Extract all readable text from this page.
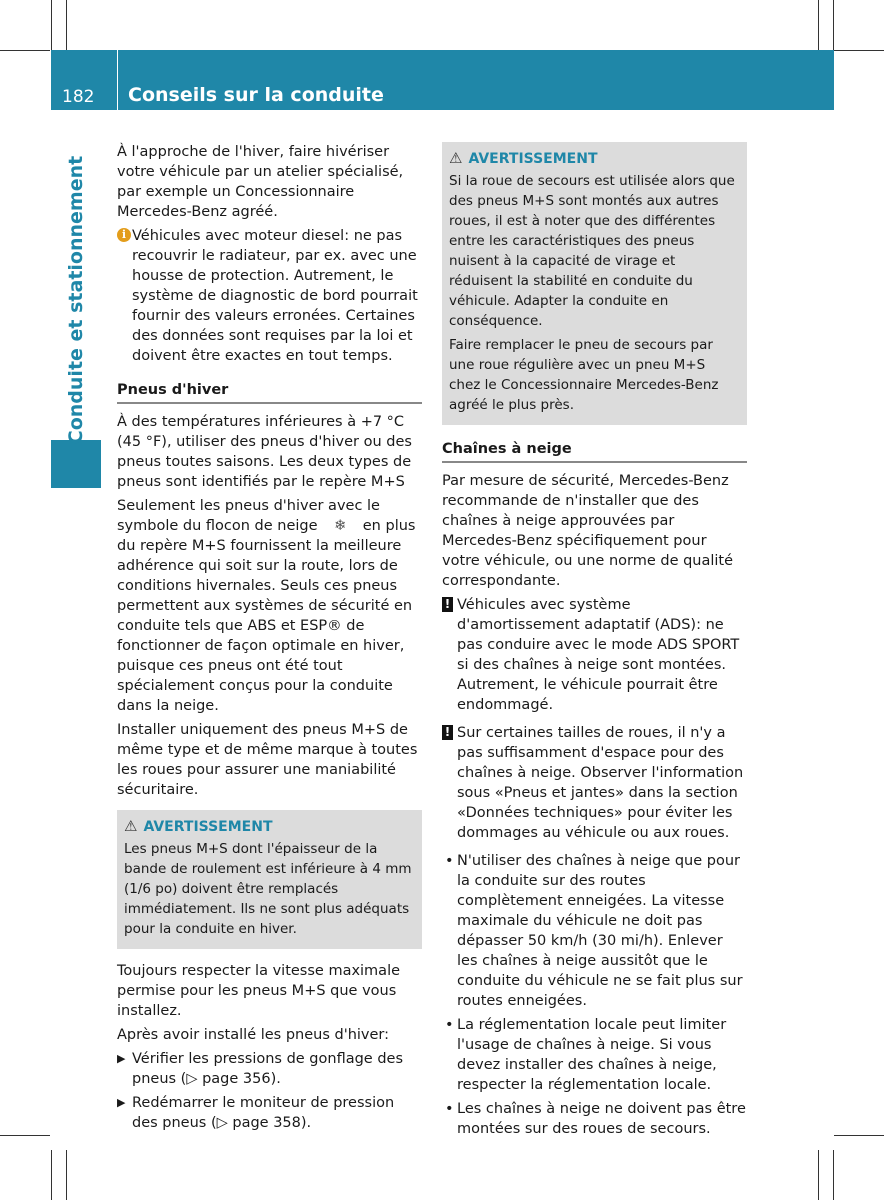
182 Conseils sur la conduite
Conduite et stationnement

À l'approche de l'hiver, faire hivériser votre véhicule par un atelier spécialisé, par exemple un Concessionnaire Mercedes-Benz agréé.

i Véhicules avec moteur diesel: ne pas recouvrir le radiateur, par ex. avec une housse de protection. Autrement, le système de diagnostic de bord pourrait fournir des valeurs erronées. Certaines des données sont requises par la loi et doivent être exactes en tout temps.
Pneus d'hiver

À des températures inférieures à +7 °C (45 °F), utiliser des pneus d'hiver ou des pneus toutes saisons. Les deux types de pneus sont identifiés par le repère M+S

Seulement les pneus d'hiver avec le symbole du flocon de neige ❄ en plus du repère M+S fournissent la meilleure adhérence qui soit sur la route, lors de conditions hivernales. Seuls ces pneus permettent aux systèmes de sécurité en conduite tels que ABS et ESP® de fonctionner de façon optimale en hiver, puisque ces pneus ont été tout spécialement conçus pour la conduite dans la neige.

Installer uniquement des pneus M+S de même type et de même marque à toutes les roues pour assurer une maniabilité sécuritaire.

⚠ AVERTISSEMENT

Les pneus M+S dont l'épaisseur de la bande de roulement est inférieure à 4 mm (1/6 po) doivent être remplacés immédiatement. Ils ne sont plus adéquats pour la conduite en hiver.

Toujours respecter la vitesse maximale permise pour les pneus M+S que vous installez.

Après avoir installé les pneus d'hiver:

▶ Vérifier les pressions de gonflage des pneus (▷ page 356).
▶ Redémarrer le moniteur de pression des pneus (▷ page 358).
⚠ AVERTISSEMENT

Si la roue de secours est utilisée alors que des pneus M+S sont montés aux autres roues, il est à noter que des différentes entre les caractéristiques des pneus nuisent à la capacité de virage et réduisent la stabilité en conduite du véhicule. Adapter la conduite en conséquence.

Faire remplacer le pneu de secours par une roue régulière avec un pneu M+S chez le Concessionnaire Mercedes-Benz agréé le plus près.

Chaînes à neige

Par mesure de sécurité, Mercedes-Benz recommande de n'installer que des chaînes à neige approuvées par Mercedes-Benz spécifiquement pour votre véhicule, ou une norme de qualité correspondante.

! Véhicules avec système d'amortissement adaptatif (ADS): ne pas conduire avec le mode ADS SPORT si des chaînes à neige sont montées. Autrement, le véhicule pourrait être endommagé.
! Sur certaines tailles de roues, il n'y a pas suffisamment d'espace pour des chaînes à neige. Observer l'information sous «Pneus et jantes» dans la section «Données techniques» pour éviter les dommages au véhicule ou aux roues.
• N'utiliser des chaînes à neige que pour la conduite sur des routes complètement enneigées. La vitesse maximale du véhicule ne doit pas dépasser 50 km/h (30 mi/h). Enlever les chaînes à neige aussitôt que le conduite du véhicule ne se fait plus sur routes enneigées.
• La réglementation locale peut limiter l'usage de chaînes à neige. Si vous devez installer des chaînes à neige, respecter la réglementation locale.
• Les chaînes à neige ne doivent pas être montées sur des roues de secours.
